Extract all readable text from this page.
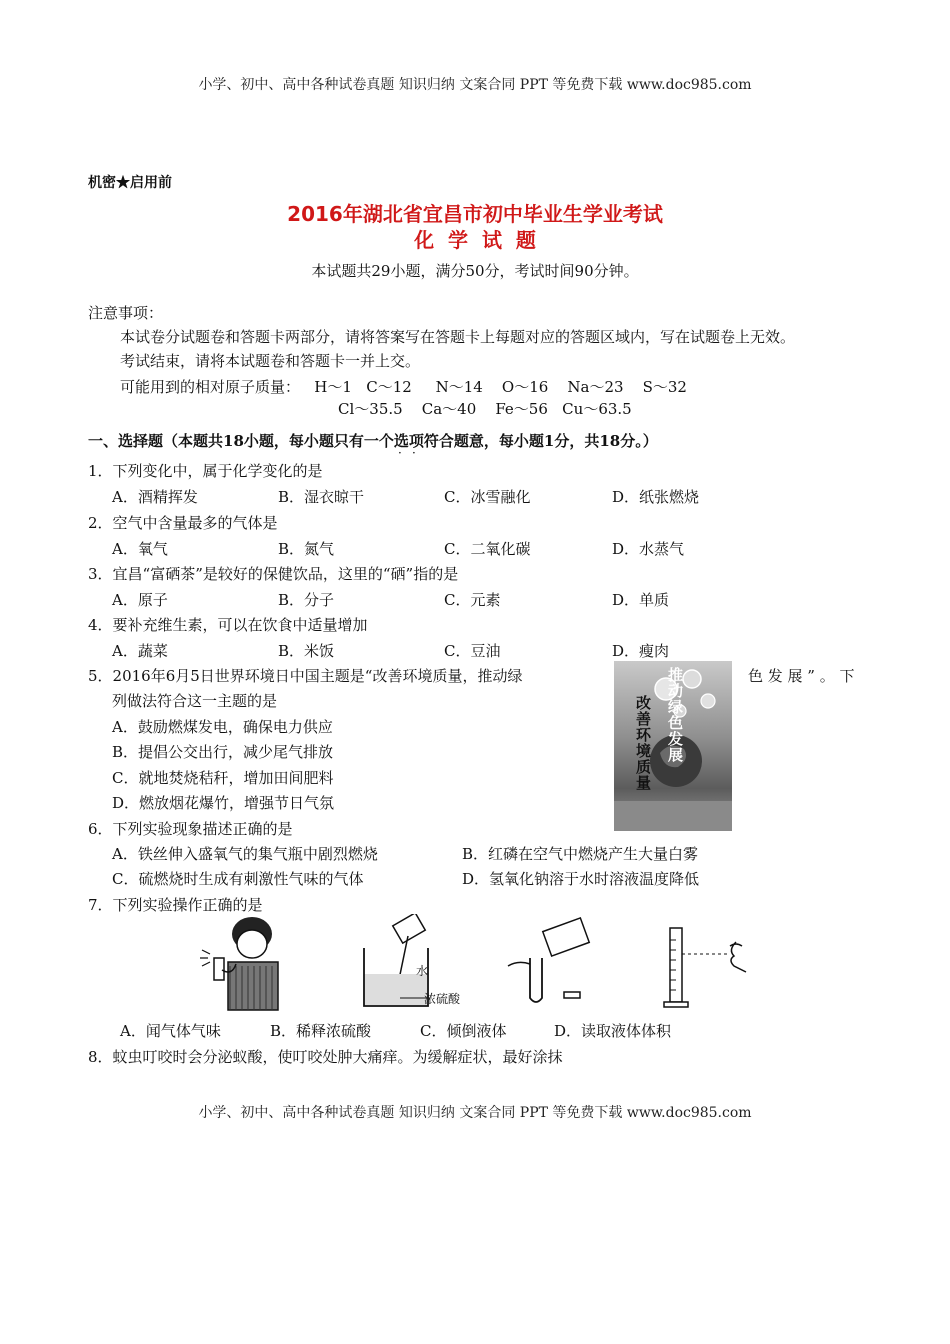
小学、初中、高中各种试卷真题 知识归纳 文案合同 PPT 等免费下载 www.doc985.com
机密★启用前
2016年湖北省宜昌市初中毕业生学业考试
化  学  试  题
本试题共29小题，满分50分，考试时间90分钟。
注意事项：
本试卷分试题卷和答题卡两部分，请将答案写在答题卡上每题对应的答题区域内，写在试题卷上无效。
考试结束，请将本试题卷和答题卡一并上交。
可能用到的相对原子质量：   H～1   C～12     N～14    O～16    Na～23    S～32
Cl～35.5    Ca～40    Fe～56   Cu～63.5
一、选择题（本题共18小题，每小题只有一个选项符合题意，每小题1分，共18分。）
· ·
1．下列变化中，属于化学变化的是
A．酒精挥发	B．湿衣晾干	C．冰雪融化	D．纸张燃烧
2．空气中含量最多的气体是
A．氧气	B．氮气	C．二氧化碳	D．水蒸气
3．宜昌“富硒茶”是较好的保健饮品，这里的“硒”指的是
A．原子	B．分子	C．元素	D．单质
4．要补充维生素，可以在饮食中适量增加
A．蔬菜	B．米饭	C．豆油	D．瘦肉
5．2016年6月5日世界环境日中国主题是“改善环境质量，推动绿	色 发 展 ” 。 下
列做法符合这一主题的是
A．鼓励燃煤发电，确保电力供应
B．提倡公交出行，减少尾气排放
C．就地焚烧秸秆，增加田间肥料
D．燃放烟花爆竹，增强节日气氛
推动绿色发展
改善环境质量
6．下列实验现象描述正确的是
A．铁丝伸入盛氧气的集气瓶中剧烈燃烧	B．红磷在空气中燃烧产生大量白雾
C．硫燃烧时生成有刺激性气味的气体	D．氢氧化钠溶于水时溶液温度降低
7．下列实验操作正确的是
水
浓硫酸
A．闻气体气味	B．稀释浓硫酸	C．倾倒液体	D．读取液体体积
8．蚊虫叮咬时会分泌蚁酸，使叮咬处肿大痛痒。为缓解症状，最好涂抹
小学、初中、高中各种试卷真题 知识归纳 文案合同 PPT 等免费下载 www.doc985.com
